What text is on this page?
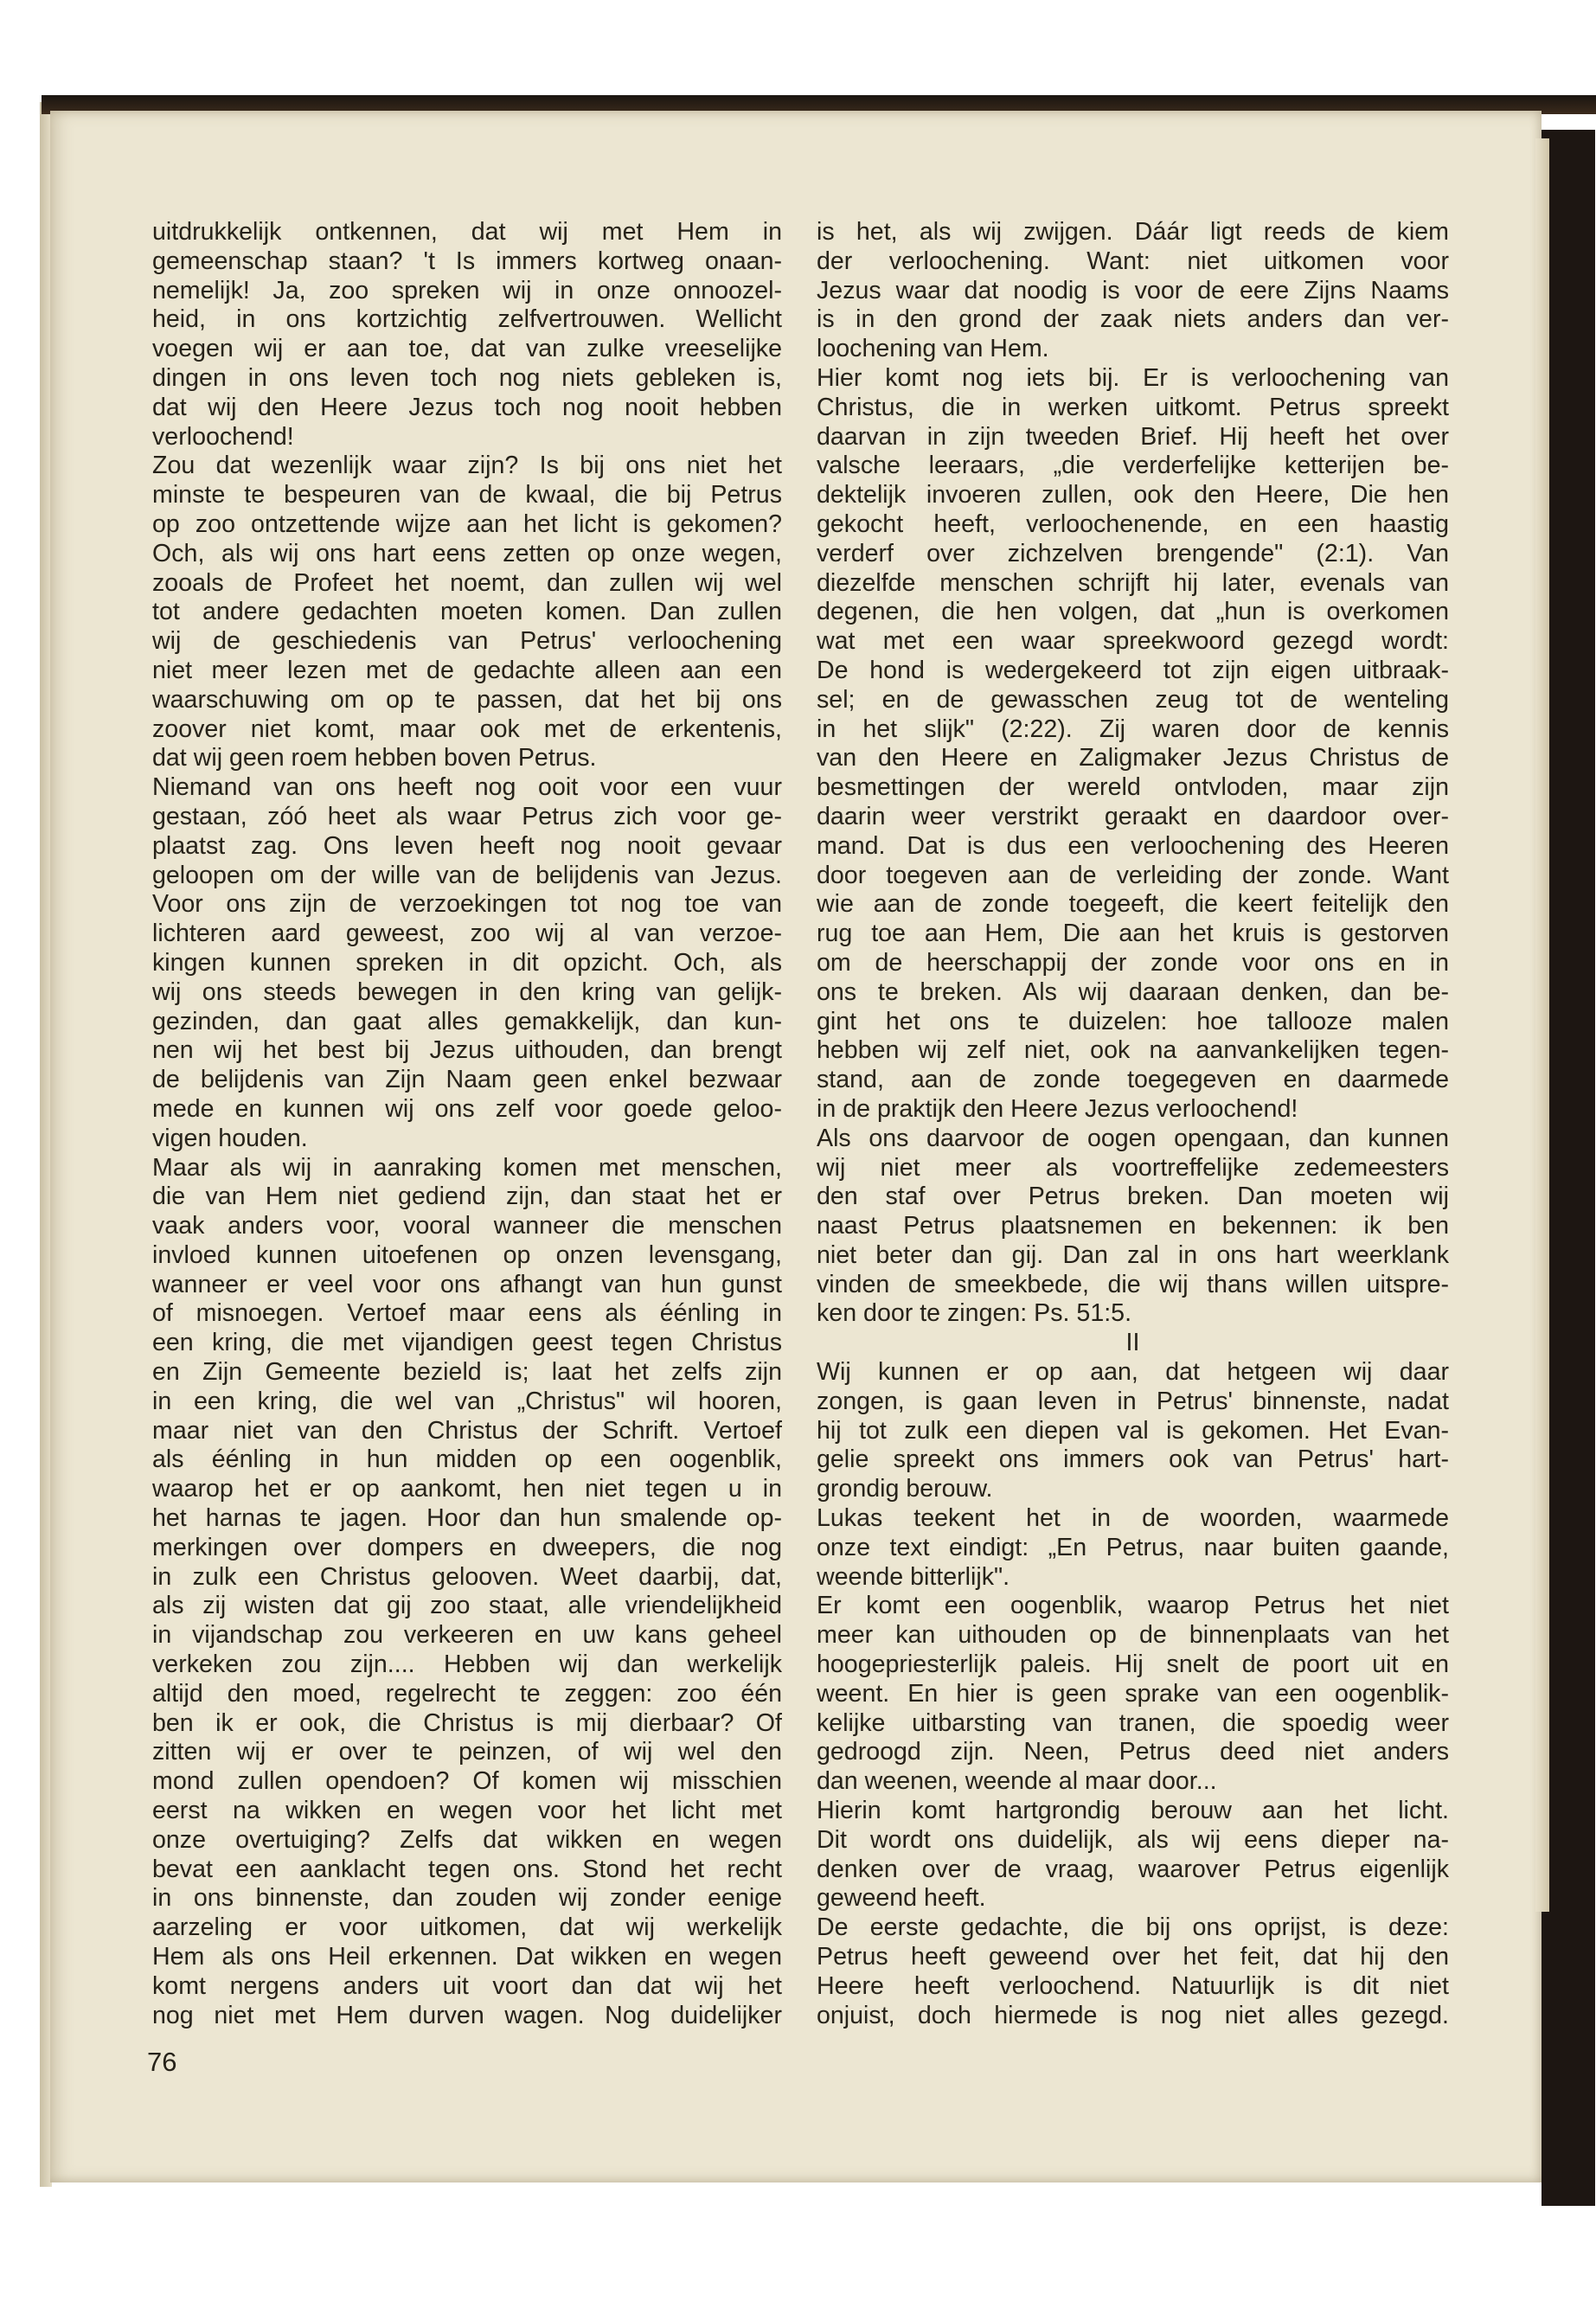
uitdrukkelijk ontkennen, dat wij met Hem in
gemeenschap staan? 't Is immers kortweg onaan-
nemelijk! Ja, zoo spreken wij in onze onnoozel-
heid, in ons kortzichtig zelfvertrouwen. Wellicht
voegen wij er aan toe, dat van zulke vreeselijke
dingen in ons leven toch nog niets gebleken is,
dat wij den Heere Jezus toch nog nooit hebben
verloochend!
Zou dat wezenlijk waar zijn? Is bij ons niet het
minste te bespeuren van de kwaal, die bij Petrus
op zoo ontzettende wijze aan het licht is gekomen?
Och, als wij ons hart eens zetten op onze wegen,
zooals de Profeet het noemt, dan zullen wij wel
tot andere gedachten moeten komen. Dan zullen
wij de geschiedenis van Petrus' verloochening
niet meer lezen met de gedachte alleen aan een
waarschuwing om op te passen, dat het bij ons
zoover niet komt, maar ook met de erkentenis,
dat wij geen roem hebben boven Petrus.
Niemand van ons heeft nog ooit voor een vuur
gestaan, zóó heet als waar Petrus zich voor ge-
plaatst zag. Ons leven heeft nog nooit gevaar
geloopen om der wille van de belijdenis van Jezus.
Voor ons zijn de verzoekingen tot nog toe van
lichteren aard geweest, zoo wij al van verzoe-
kingen kunnen spreken in dit opzicht. Och, als
wij ons steeds bewegen in den kring van gelijk-
gezinden, dan gaat alles gemakkelijk, dan kun-
nen wij het best bij Jezus uithouden, dan brengt
de belijdenis van Zijn Naam geen enkel bezwaar
mede en kunnen wij ons zelf voor goede geloo-
vigen houden.
Maar als wij in aanraking komen met menschen,
die van Hem niet gediend zijn, dan staat het er
vaak anders voor, vooral wanneer die menschen
invloed kunnen uitoefenen op onzen levensgang,
wanneer er veel voor ons afhangt van hun gunst
of misnoegen. Vertoef maar eens als éénling in
een kring, die met vijandigen geest tegen Christus
en Zijn Gemeente bezield is; laat het zelfs zijn
in een kring, die wel van „Christus" wil hooren,
maar niet van den Christus der Schrift. Vertoef
als éénling in hun midden op een oogenblik,
waarop het er op aankomt, hen niet tegen u in
het harnas te jagen. Hoor dan hun smalende op-
merkingen over dompers en dweepers, die nog
in zulk een Christus gelooven. Weet daarbij, dat,
als zij wisten dat gij zoo staat, alle vriendelijkheid
in vijandschap zou verkeeren en uw kans geheel
verkeken zou zijn.... Hebben wij dan werkelijk
altijd den moed, regelrecht te zeggen: zoo één
ben ik er ook, die Christus is mij dierbaar? Of
zitten wij er over te peinzen, of wij wel den
mond zullen opendoen? Of komen wij misschien
eerst na wikken en wegen voor het licht met
onze overtuiging? Zelfs dat wikken en wegen
bevat een aanklacht tegen ons. Stond het recht
in ons binnenste, dan zouden wij zonder eenige
aarzeling er voor uitkomen, dat wij werkelijk
Hem als ons Heil erkennen. Dat wikken en wegen
komt nergens anders uit voort dan dat wij het
nog niet met Hem durven wagen. Nog duidelijker
is het, als wij zwijgen. Dáár ligt reeds de kiem
der verloochening. Want: niet uitkomen voor
Jezus waar dat noodig is voor de eere Zijns Naams
is in den grond der zaak niets anders dan ver-
loochening van Hem.
Hier komt nog iets bij. Er is verloochening van
Christus, die in werken uitkomt. Petrus spreekt
daarvan in zijn tweeden Brief. Hij heeft het over
valsche leeraars, „die verderfelijke ketterijen be-
dektelijk invoeren zullen, ook den Heere, Die hen
gekocht heeft, verloochenende, en een haastig
verderf over zichzelven brengende" (2:1). Van
diezelfde menschen schrijft hij later, evenals van
degenen, die hen volgen, dat „hun is overkomen
wat met een waar spreekwoord gezegd wordt:
De hond is wedergekeerd tot zijn eigen uitbraak-
sel; en de gewasschen zeug tot de wenteling
in het slijk" (2:22). Zij waren door de kennis
van den Heere en Zaligmaker Jezus Christus de
besmettingen der wereld ontvloden, maar zijn
daarin weer verstrikt geraakt en daardoor over-
mand. Dat is dus een verloochening des Heeren
door toegeven aan de verleiding der zonde. Want
wie aan de zonde toegeeft, die keert feitelijk den
rug toe aan Hem, Die aan het kruis is gestorven
om de heerschappij der zonde voor ons en in
ons te breken. Als wij daaraan denken, dan be-
gint het ons te duizelen: hoe tallooze malen
hebben wij zelf niet, ook na aanvankelijken tegen-
stand, aan de zonde toegegeven en daarmede
in de praktijk den Heere Jezus verloochend!
Als ons daarvoor de oogen opengaan, dan kunnen
wij niet meer als voortreffelijke zedemeesters
den staf over Petrus breken. Dan moeten wij
naast Petrus plaatsnemen en bekennen: ik ben
niet beter dan gij. Dan zal in ons hart weerklank
vinden de smeekbede, die wij thans willen uitspre-
ken door te zingen: Ps. 51:5.
II
Wij kunnen er op aan, dat hetgeen wij daar
zongen, is gaan leven in Petrus' binnenste, nadat
hij tot zulk een diepen val is gekomen. Het Evan-
gelie spreekt ons immers ook van Petrus' hart-
grondig berouw.
Lukas teekent het in de woorden, waarmede
onze text eindigt: „En Petrus, naar buiten gaande,
weende bitterlijk".
Er komt een oogenblik, waarop Petrus het niet
meer kan uithouden op de binnenplaats van het
hoogepriesterlijk paleis. Hij snelt de poort uit en
weent. En hier is geen sprake van een oogenblik-
kelijke uitbarsting van tranen, die spoedig weer
gedroogd zijn. Neen, Petrus deed niet anders
dan weenen, weende al maar door...
Hierin komt hartgrondig berouw aan het licht.
Dit wordt ons duidelijk, als wij eens dieper na-
denken over de vraag, waarover Petrus eigenlijk
geweend heeft.
De eerste gedachte, die bij ons oprijst, is deze:
Petrus heeft geweend over het feit, dat hij den
Heere heeft verloochend. Natuurlijk is dit niet
onjuist, doch hiermede is nog niet alles gezegd.
76
